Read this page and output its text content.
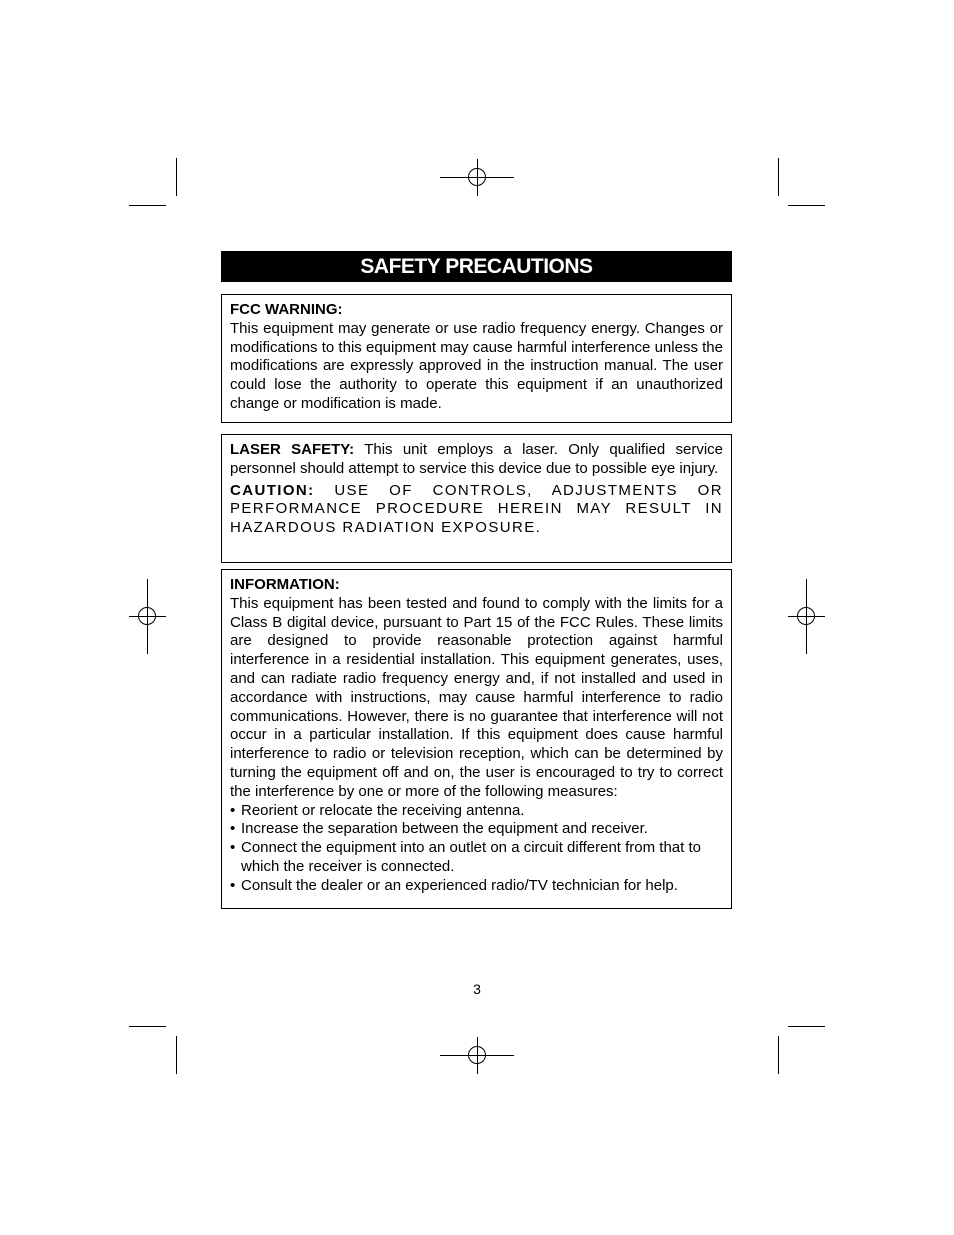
SAFETY PRECAUTIONS
FCC WARNING:

This equipment may generate or use radio frequency energy. Changes or modifications to this equipment may cause harmful interference unless the modifications are expressly approved in the instruction manual. The user could lose the authority to operate this equipment if an unauthorized change or modification is made.

LASER SAFETY: This unit employs a laser. Only qualified service personnel should attempt to service this device due to possible eye injury.

CAUTION: USE OF CONTROLS, ADJUSTMENTS OR PERFORMANCE PROCEDURE HEREIN MAY RESULT IN HAZARDOUS RADIATION EXPOSURE.

INFORMATION:

This equipment has been tested and found to comply with the limits for a Class B digital device, pursuant to Part 15 of the FCC Rules. These limits are designed to provide reasonable protection against harmful interference in a residential installation. This equipment generates, uses, and can radiate radio frequency energy and, if not installed and used in accordance with instructions, may cause harmful interference to radio communications. However, there is no guarantee that interference will not occur in a particular installation. If this equipment does cause harmful interference to radio or television reception, which can be determined by turning the equipment off and on, the user is encouraged to try to correct the interference by one or more of the following measures:

• Reorient or relocate the receiving antenna.
• Increase the separation between the equipment and receiver.
• Connect the equipment into an outlet on a circuit different from that to which the receiver is connected.
• Consult the dealer or an experienced radio/TV technician for help.
3
